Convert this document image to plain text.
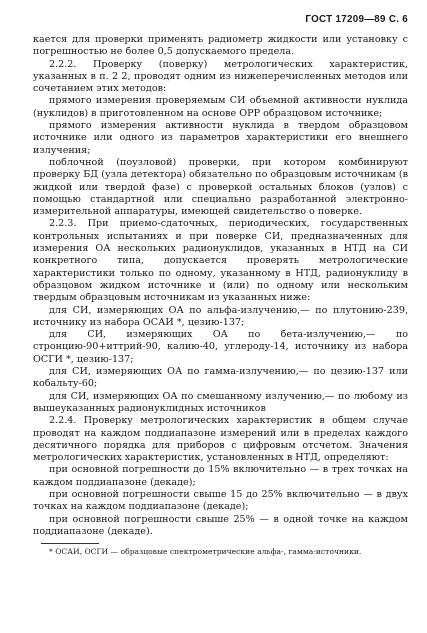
ГОСТ 17209—89 С. 6

кается для проверки применять радиометр жидкости или установку с погрешностью не более 0,5 допускаемого предела.

2.2.2. Проверку (поверку) метрологических характеристик, указанных в п. 2 2, проводят одним из нижеперечисленных методов или сочетанием этих методов:

прямого измерения проверяемым СИ объемной активности нуклида (нуклидов) в приготовленном на основе ОРР образцовом источнике;

прямого измерения активности нуклида в твердом образцовом источнике или одного из параметров характеристики его внешнего излучения;

поблочной (поузловой) проверки, при котором комбинируют проверку БД (узла детектора) обязательно по образцовым источникам (в жидкой или твердой фазе) с проверкой остальных блоков (узлов) с помощью стандартной или специально разработанной электронно-измерительной аппаратуры, имеющей свидетельство о поверке.

2.2.3. При приемо-сдаточных, периодических, государственных контрольных испытаниях и при поверке СИ, предназначенных для измерения ОА нескольких радионуклидов, указанных в НТД на СИ конкретного типа, допускается проверять метрологические характеристики только по одному, указанному в НТД, радионуклиду в образцовом жидком источнике и (или) по одному или нескольким твердым образцовым источникам из указанных ниже:

для СИ, измеряющих ОА по альфа-излучению,— по плутонию-239, источнику из набора ОСАИ *, цезию-137;

для СИ, измеряющих ОА по бета-излучению,— по стронцию-90+иттрий-90, калию-40, углероду-14, источнику из набора ОСГИ *, цезию-137;

для СИ, измеряющих ОА по гамма-излучению,— по цезию-137 или кобальту-60;

для СИ, измеряющих ОА по смешанному излучению,— по любому из вышеуказанных радионуклидных источников

2.2.4. Проверку метрологических характеристик в общем случае проводят на каждом поддиапазоне измерений или в пределах каждого десятичного порядка для приборов с цифровым отсчетом. Значения метрологических характеристик, установленных в НТД, определяют:

при основной погрешности до 15% включительно — в трех точках на каждом поддиапазоне (декаде);

при основной погрешности свыше 15 до 25% включительно — в двух точках на каждом поддиапазоне (декаде);

при основной погрешности свыше 25% — в одной точке на каждом поддиапазоне (декаде).

* ОСАИ, ОСГИ — образцовые спектрометрические альфа-, гамма-источники.
